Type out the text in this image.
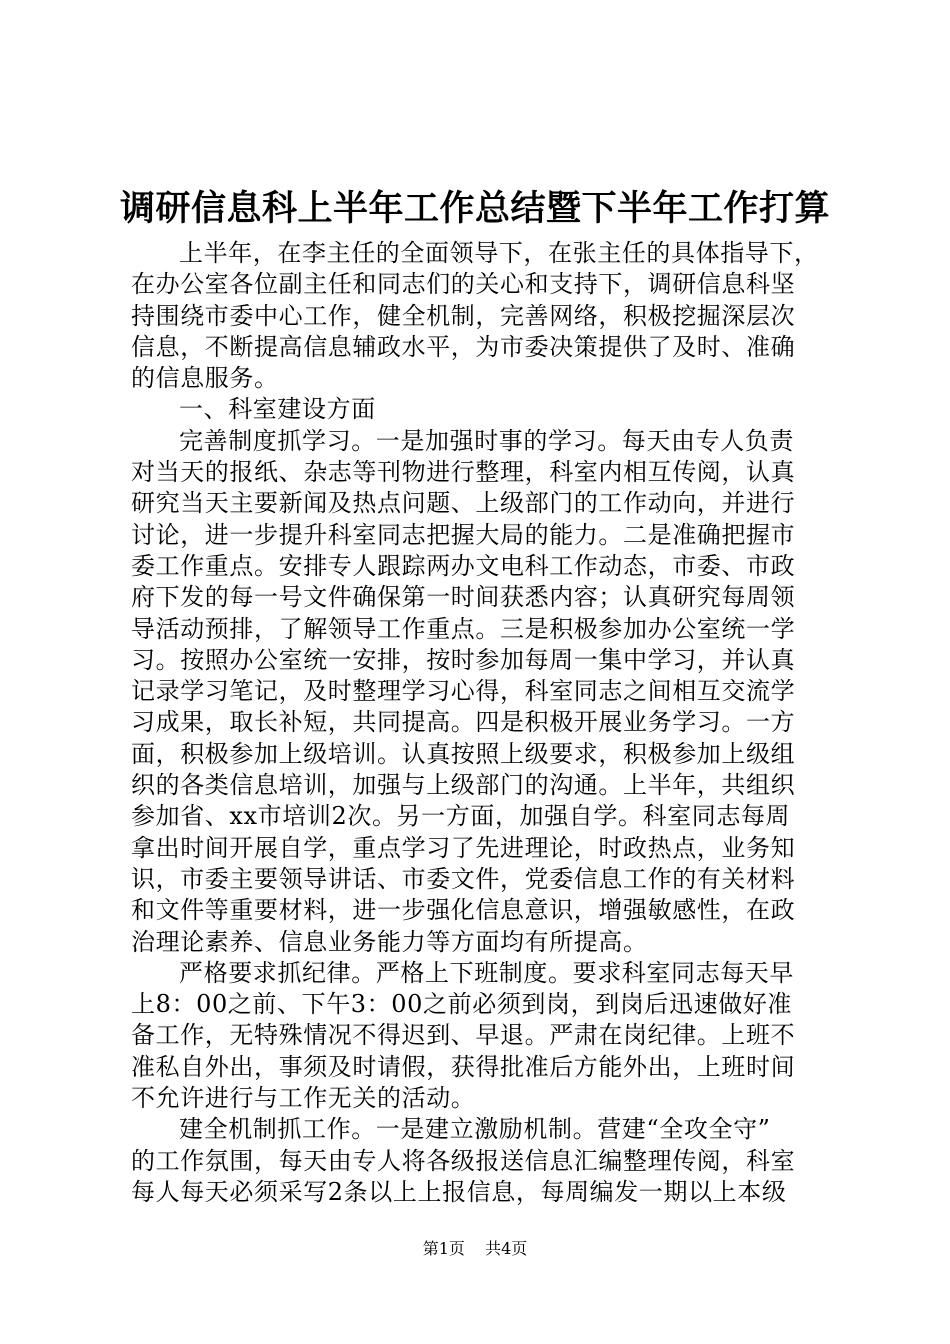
调研信息科上半年工作总结暨下半年工作打算

上半年，在李主任的全面领导下，在张主任的具体指导下，
在办公室各位副主任和同志们的关心和支持下，调研信息科坚
持围绕市委中心工作，健全机制，完善网络，积极挖掘深层次
信息，不断提高信息辅政水平，为市委决策提供了及时、准确
的信息服务。

一、科室建设方面

完善制度抓学习。一是加强时事的学习。每天由专人负责
对当天的报纸、杂志等刊物进行整理，科室内相互传阅，认真
研究当天主要新闻及热点问题、上级部门的工作动向，并进行
讨论，进一步提升科室同志把握大局的能力。二是准确把握市
委工作重点。安排专人跟踪两办文电科工作动态，市委、市政
府下发的每一号文件确保第一时间获悉内容；认真研究每周领
导活动预排，了解领导工作重点。三是积极参加办公室统一学
习。按照办公室统一安排，按时参加每周一集中学习，并认真
记录学习笔记，及时整理学习心得，科室同志之间相互交流学
习成果，取长补短，共同提高。四是积极开展业务学习。一方
面，积极参加上级培训。认真按照上级要求，积极参加上级组
织的各类信息培训，加强与上级部门的沟通。上半年，共组织
参加省、xx市培训2次。另一方面，加强自学。科室同志每周
拿出时间开展自学，重点学习了先进理论，时政热点，业务知
识，市委主要领导讲话、市委文件，党委信息工作的有关材料
和文件等重要材料，进一步强化信息意识，增强敏感性，在政
治理论素养、信息业务能力等方面均有所提高。

严格要求抓纪律。严格上下班制度。要求科室同志每天早
上8：00之前、下午3：00之前必须到岗，到岗后迅速做好准
备工作，无特殊情况不得迟到、早退。严肃在岗纪律。上班不
准私自外出，事须及时请假，获得批准后方能外出，上班时间
不允许进行与工作无关的活动。

建全机制抓工作。一是建立激励机制。营建“全攻全守”
的工作氛围，每天由专人将各级报送信息汇编整理传阅，科室
每人每天必须采写2条以上上报信息，每周编发一期以上本级

第1页 共4页
